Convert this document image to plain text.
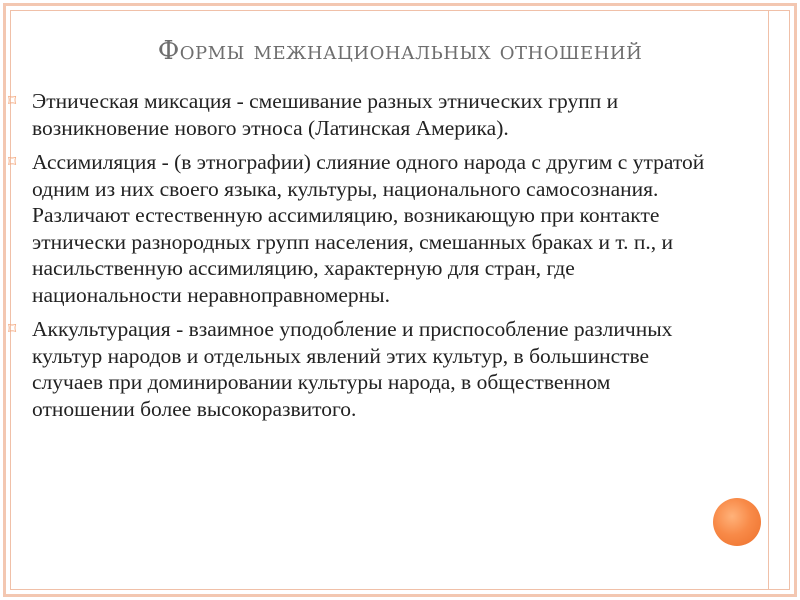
Формы межнациональных отношений
⌑ Этническая миксация - смешивание разных этнических групп и возникновение нового этноса (Латинская Америка).
⌑ Ассимиляция - (в этнографии) слияние одного народа с другим с утратой одним из них своего языка, культуры, национального самосознания. Различают естественную ассимиляцию, возникающую при контакте этнически разнородных групп населения, смешанных браках и т. п., и насильственную ассимиляцию, характерную для стран, где национальности неравноправномерны.
⌑ Аккультурация - взаимное уподобление и приспособление различных культур народов и отдельных явлений этих культур, в большинстве случаев при доминировании культуры народа, в общественном отношении более высокоразвитого.
